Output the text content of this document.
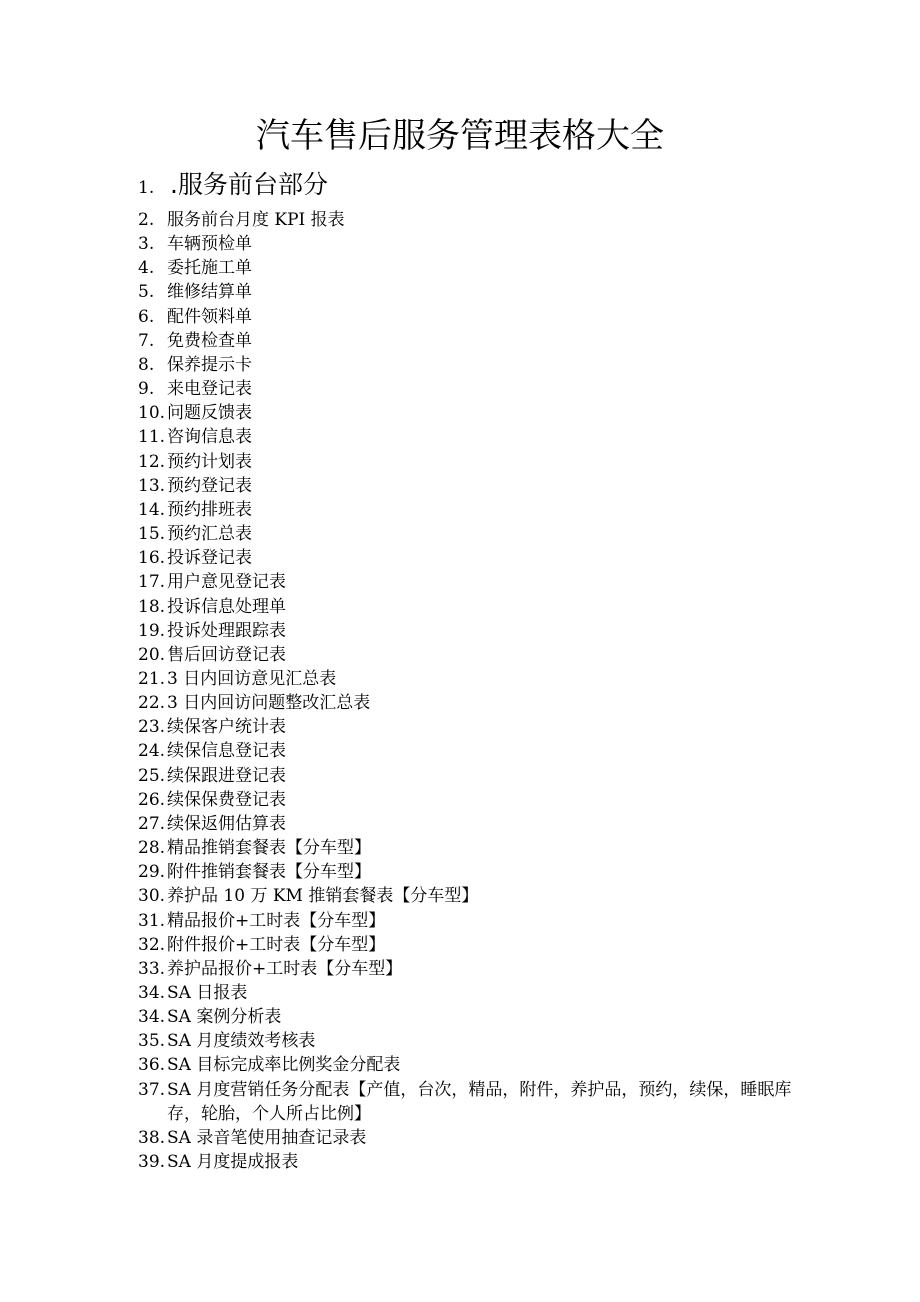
汽车售后服务管理表格大全
1. .服务前台部分
2. 服务前台月度 KPI 报表
3. 车辆预检单
4. 委托施工单
5. 维修结算单
6. 配件领料单
7. 免费检查单
8. 保养提示卡
9. 来电登记表
10. 问题反馈表
11. 咨询信息表
12. 预约计划表
13. 预约登记表
14. 预约排班表
15. 预约汇总表
16. 投诉登记表
17. 用户意见登记表
18. 投诉信息处理单
19. 投诉处理跟踪表
20. 售后回访登记表
21. 3 日内回访意见汇总表
22. 3 日内回访问题整改汇总表
23. 续保客户统计表
24. 续保信息登记表
25. 续保跟进登记表
26. 续保保费登记表
27. 续保返佣估算表
28. 精品推销套餐表【分车型】
29. 附件推销套餐表【分车型】
30. 养护品 10 万 KM 推销套餐表【分车型】
31. 精品报价+工时表【分车型】
32. 附件报价+工时表【分车型】
33. 养护品报价+工时表【分车型】
34. SA 日报表
34. SA 案例分析表
35. SA 月度绩效考核表
36. SA 目标完成率比例奖金分配表
37. SA 月度营销任务分配表【产值，台次，精品，附件，养护品，预约，续保，睡眠库存，轮胎，个人所占比例】
38. SA 录音笔使用抽查记录表
39. SA 月度提成报表
